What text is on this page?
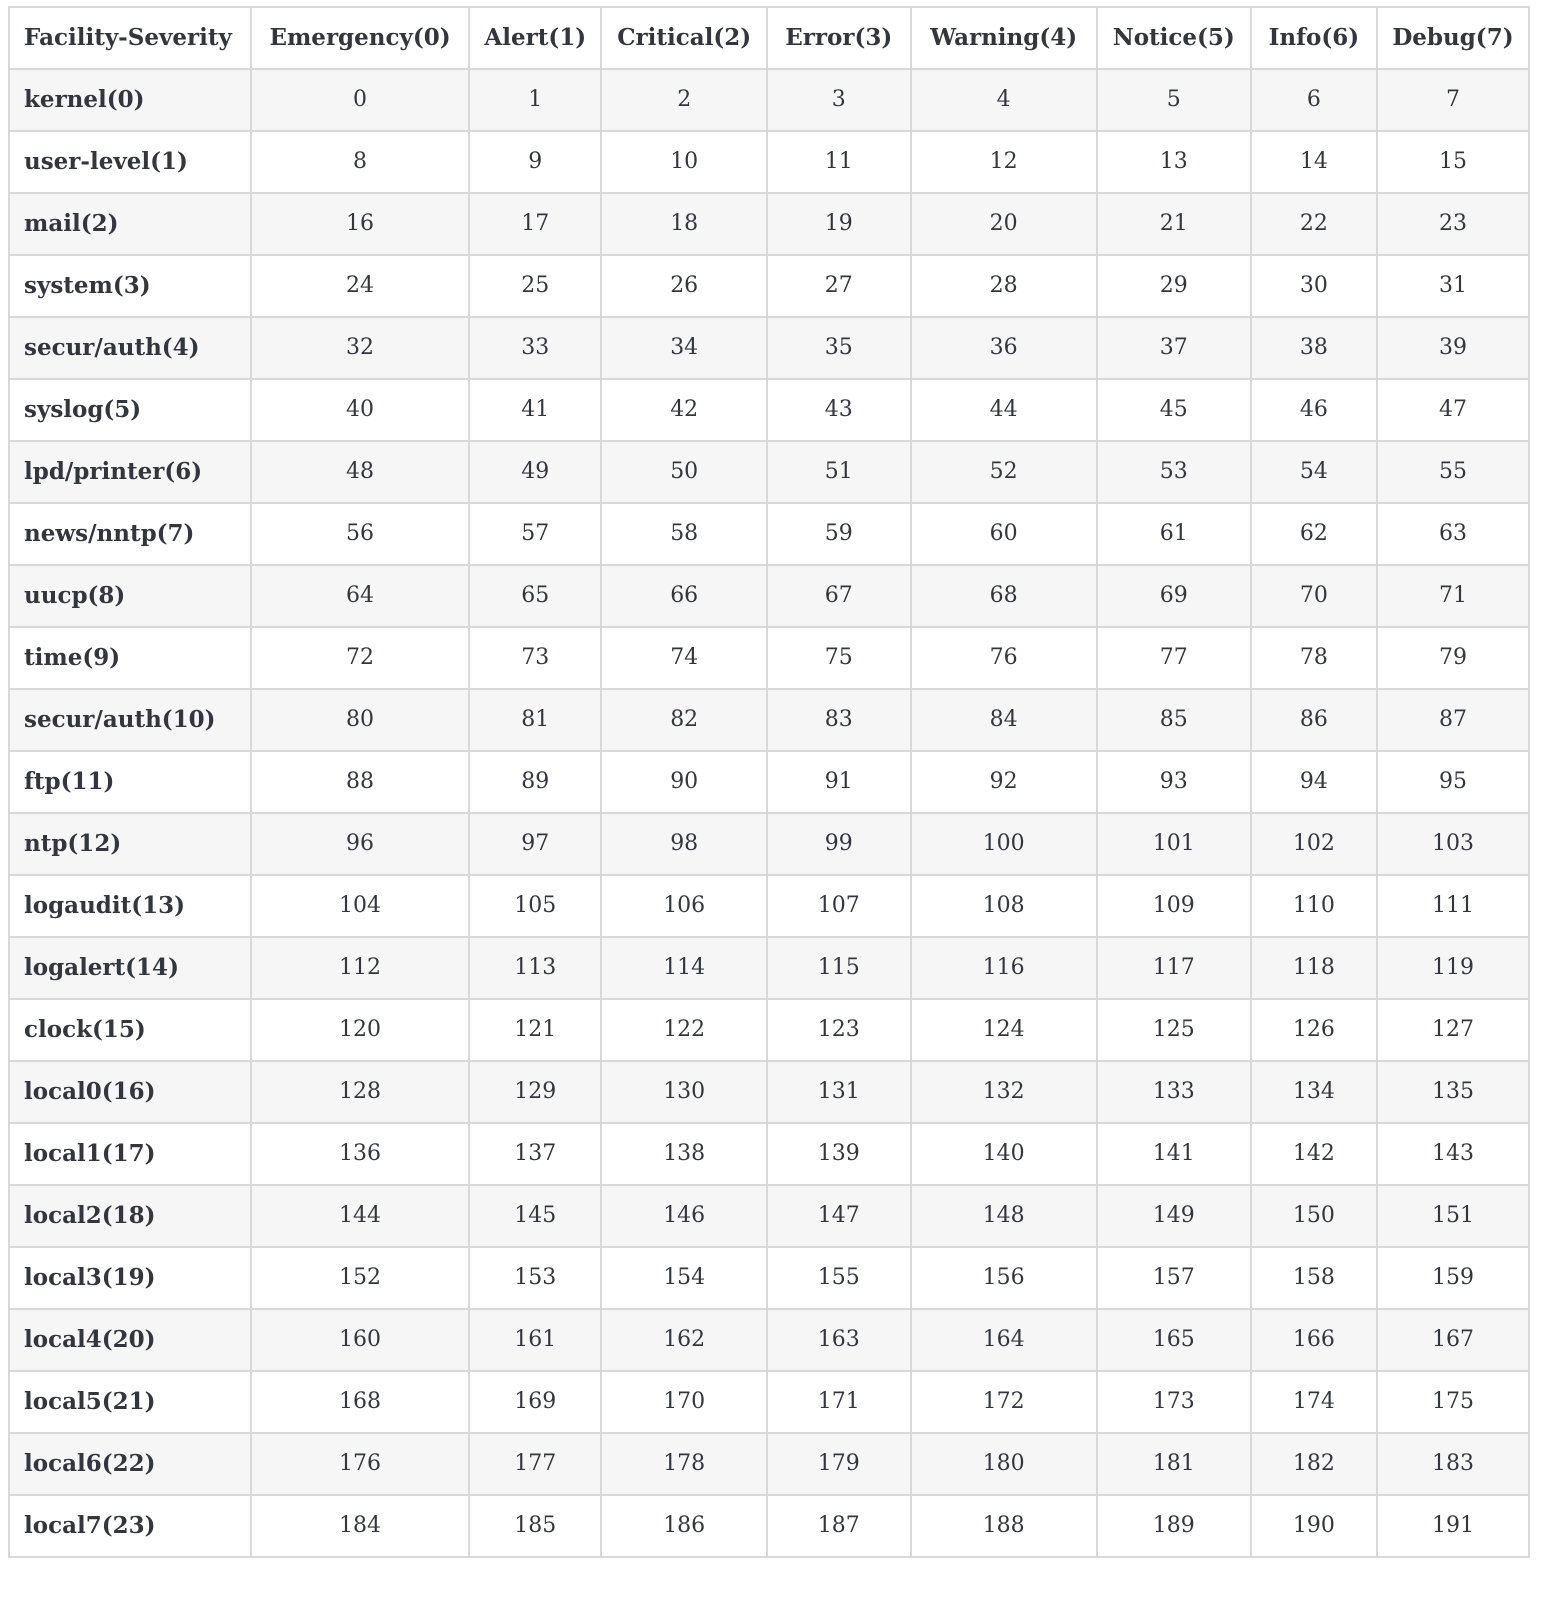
Facility-Severity	Emergency(0)	Alert(1)	Critical(2)	Error(3)	Warning(4)	Notice(5)	Info(6)	Debug(7)
kernel(0)	0	1	2	3	4	5	6	7
user-level(1)	8	9	10	11	12	13	14	15
mail(2)	16	17	18	19	20	21	22	23
system(3)	24	25	26	27	28	29	30	31
secur/auth(4)	32	33	34	35	36	37	38	39
syslog(5)	40	41	42	43	44	45	46	47
lpd/printer(6)	48	49	50	51	52	53	54	55
news/nntp(7)	56	57	58	59	60	61	62	63
uucp(8)	64	65	66	67	68	69	70	71
time(9)	72	73	74	75	76	77	78	79
secur/auth(10)	80	81	82	83	84	85	86	87
ftp(11)	88	89	90	91	92	93	94	95
ntp(12)	96	97	98	99	100	101	102	103
logaudit(13)	104	105	106	107	108	109	110	111
logalert(14)	112	113	114	115	116	117	118	119
clock(15)	120	121	122	123	124	125	126	127
local0(16)	128	129	130	131	132	133	134	135
local1(17)	136	137	138	139	140	141	142	143
local2(18)	144	145	146	147	148	149	150	151
local3(19)	152	153	154	155	156	157	158	159
local4(20)	160	161	162	163	164	165	166	167
local5(21)	168	169	170	171	172	173	174	175
local6(22)	176	177	178	179	180	181	182	183
local7(23)	184	185	186	187	188	189	190	191
